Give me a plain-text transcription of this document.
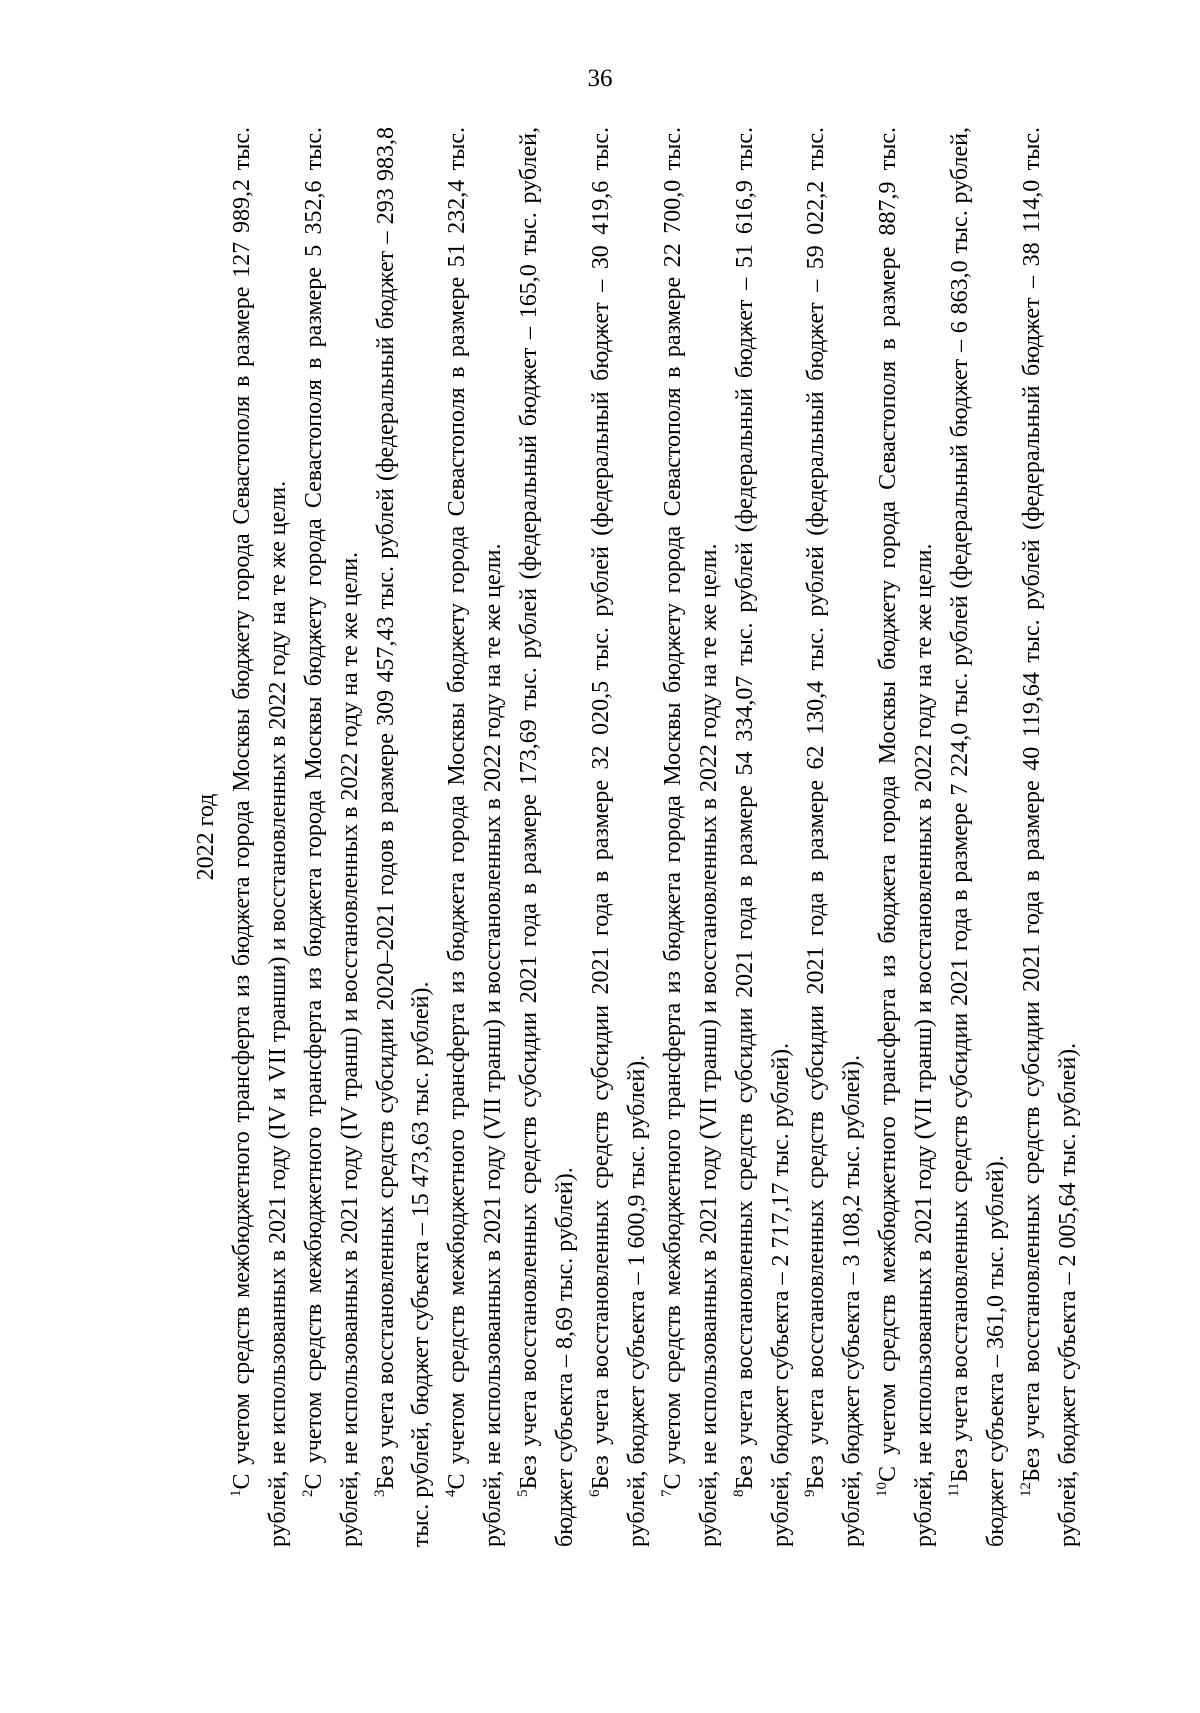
36

2022 год

$^1$С учетом средств межбюджетного трансферта из бюджета города Москвы бюджету города Севастополя в размере 127 989,2 тыс. рублей, не использованных в 2021 году (IV и VII транши) и восстановленных в 2022 году на те же цели. $^2$С учетом средств межбюджетного трансферта из бюджета города Москвы бюджету города Севастополя в размере 5 352,6 тыс. рублей, не использованных в 2021 году (IV транш) и восстановленных в 2022 году на те же цели. $^3$Без учета восстановленных средств субсидии 2020–2021 годов в размере 309 457,43 тыс. рублей (федеральный бюджет – 293 983,8 тыс. рублей, бюджет субъекта – 15 473,63 тыс. рублей). $^4$С учетом средств межбюджетного трансферта из бюджета города Москвы бюджету города Севастополя в размере 51 232,4 тыс. рублей, не использованных в 2021 году (VII транш) и восстановленных в 2022 году на те же цели. $^5$Без учета восстановленных средств субсидии 2021 года в размере 173,69 тыс. рублей (федеральный бюджет – 165,0 тыс. рублей, бюджет субъекта – 8,69 тыс. рублей). $^6$Без учета восстановленных средств субсидии 2021 года в размере 32 020,5 тыс. рублей (федеральный бюджет – 30 419,6 тыс. рублей, бюджет субъекта – 1 600,9 тыс. рублей). $^7$С учетом средств межбюджетного трансферта из бюджета города Москвы бюджету города Севастополя в размере 22 700,0 тыс. рублей, не использованных в 2021 году (VII транш) и восстановленных в 2022 году на те же цели. $^8$Без учета восстановленных средств субсидии 2021 года в размере 54 334,07 тыс. рублей (федеральный бюджет – 51 616,9 тыс. рублей, бюджет субъекта – 2 717,17 тыс. рублей). $^9$Без учета восстановленных средств субсидии 2021 года в размере 62 130,4 тыс. рублей (федеральный бюджет – 59 022,2 тыс. рублей, бюджет субъекта – 3 108,2 тыс. рублей). $^{10}$С учетом средств межбюджетного трансферта из бюджета города Москвы бюджету города Севастополя в размере 887,9 тыс. рублей, не использованных в 2021 году (VII транш) и восстановленных в 2022 году на те же цели. $^{11}$Без учета восстановленных средств субсидии 2021 года в размере 7 224,0 тыс. рублей (федеральный бюджет – 6 863,0 тыс. рублей, бюджет субъекта – 361,0 тыс. рублей). $^{12}$Без учета восстановленных средств субсидии 2021 года в размере 40 119,64 тыс. рублей (федеральный бюджет – 38 114,0 тыс. рублей, бюджет субъекта – 2 005,64 тыс. рублей).
